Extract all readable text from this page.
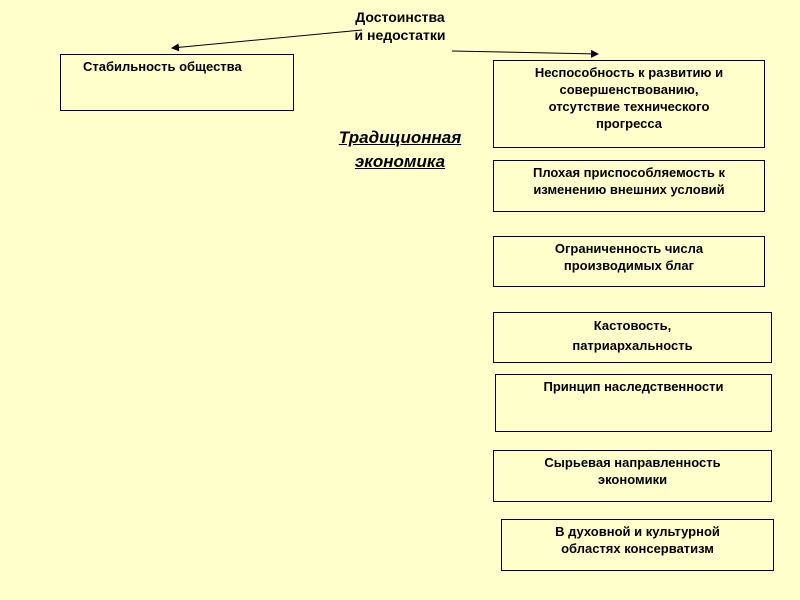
Достоинства
и недостатки
Традиционная
экономика
Стабильность общества	Неспособность к развитию и
совершенствованию,
отсутствие технического
прогресса
Плохая приспособляемость к
изменению внешних условий
Ограниченность числа
производимых благ
Кастовость,
патриархальность
Принцип наследственности
Сырьевая направленность
экономики
В духовной и культурной
областях консерватизм
